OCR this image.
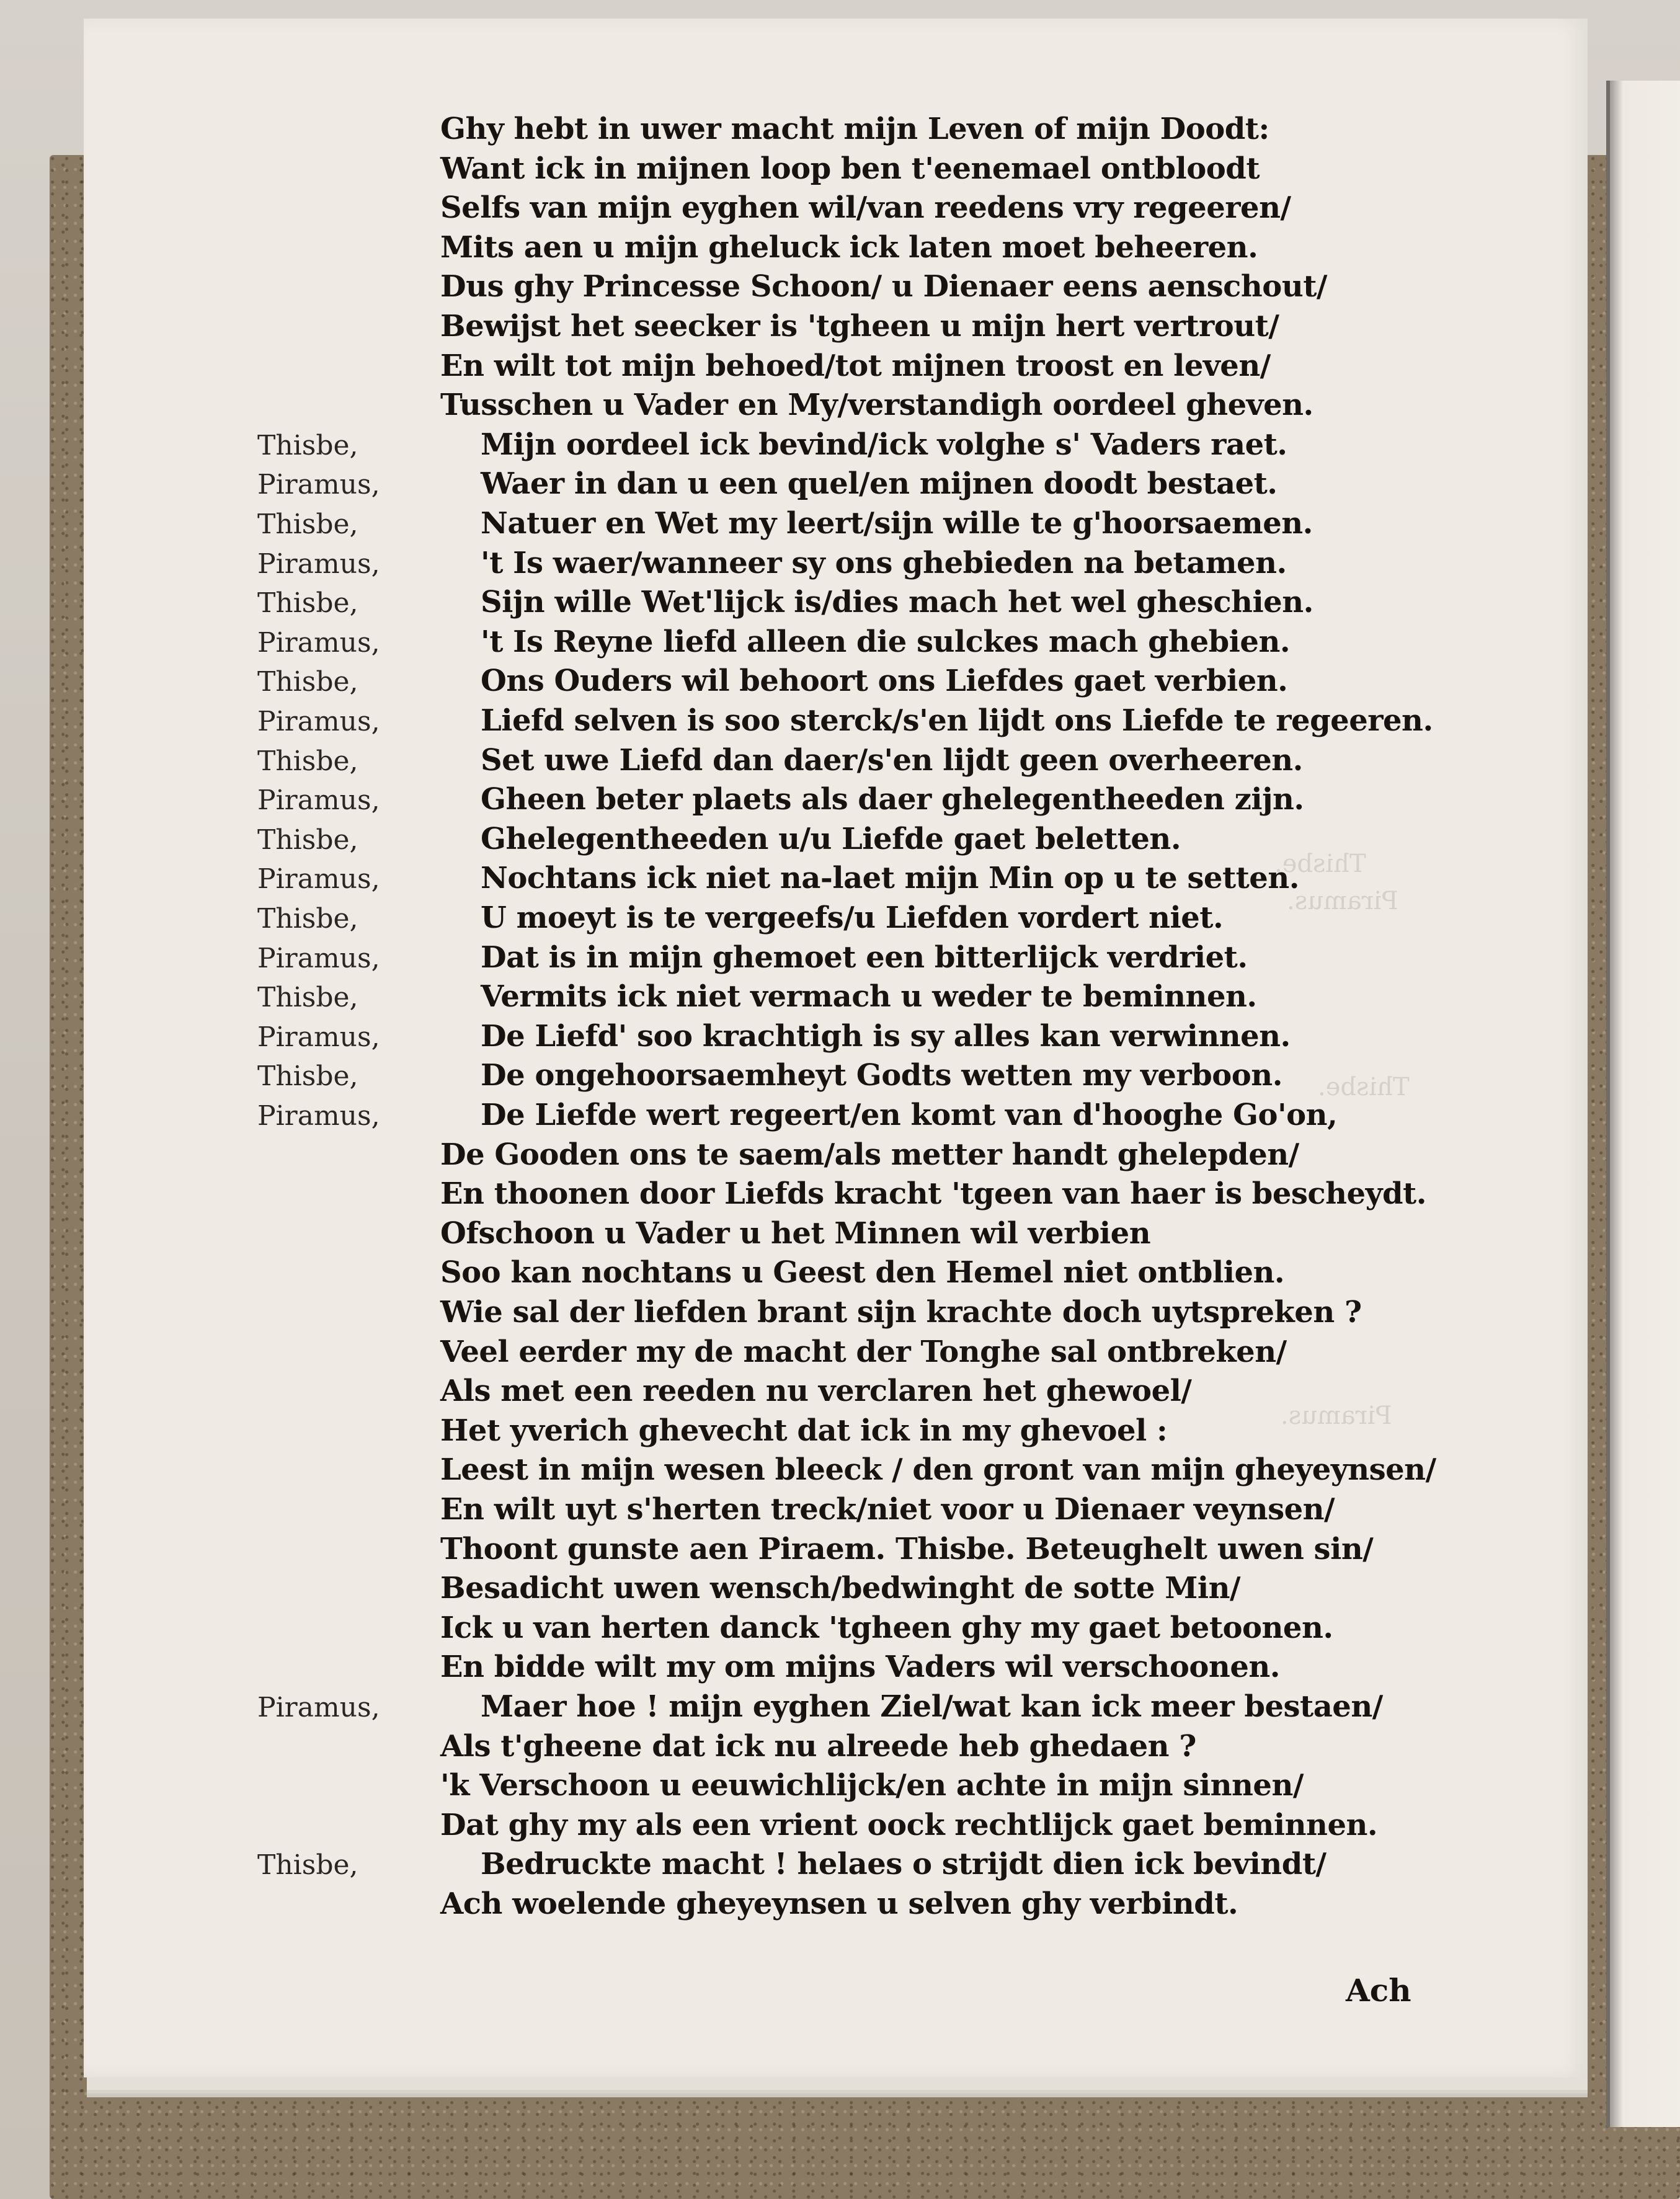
Thisbe.
Piramus.
Thisbe.
Piramus.
Ghy hebt in uwer macht mijn Leven of mijn Doodt:
Want ick in mijnen loop ben t'eenemael ontbloodt
Selfs van mijn eyghen wil/van reedens vry regeeren/
Mits aen u mijn gheluck ick laten moet beheeren.
Dus ghy Princesse Schoon/ u Dienaer eens aenschout/
Bewijst het seecker is 'tgheen u mijn hert vertrout/
En wilt tot mijn behoed/tot mijnen troost en leven/
Tusschen u Vader en My/verstandigh oordeel gheven.
Thisbe,	Mijn oordeel ick bevind/ick volghe s' Vaders raet.
Piramus,	Waer in dan u een quel/en mijnen doodt bestaet.
Thisbe,	Natuer en Wet my leert/sijn wille te g'hoorsaemen.
Piramus,	't Is waer/wanneer sy ons ghebieden na betamen.
Thisbe,	Sijn wille Wet'lijck is/dies mach het wel gheschien.
Piramus,	't Is Reyne liefd alleen die sulckes mach ghebien.
Thisbe,	Ons Ouders wil behoort ons Liefdes gaet verbien.
Piramus,	Liefd selven is soo sterck/s'en lijdt ons Liefde te regeeren.
Thisbe,	Set uwe Liefd dan daer/s'en lijdt geen overheeren.
Piramus,	Gheen beter plaets als daer ghelegentheeden zijn.
Thisbe,	Ghelegentheeden u/u Liefde gaet beletten.
Piramus,	Nochtans ick niet na-laet mijn Min op u te setten.
Thisbe,	U moeyt is te vergeefs/u Liefden vordert niet.
Piramus,	Dat is in mijn ghemoet een bitterlijck verdriet.
Thisbe,	Vermits ick niet vermach u weder te beminnen.
Piramus,	De Liefd' soo krachtigh is sy alles kan verwinnen.
Thisbe,	De ongehoorsaemheyt Godts wetten my verboon.
Piramus,	De Liefde wert regeert/en komt van d'hooghe Go'on,
De Gooden ons te saem/als metter handt ghelepden/
En thoonen door Liefds kracht 'tgeen van haer is bescheydt.
Ofschoon u Vader u het Minnen wil verbien
Soo kan nochtans u Geest den Hemel niet ontblien.
Wie sal der liefden brant sijn krachte doch uytspreken ?
Veel eerder my de macht der Tonghe sal ontbreken/
Als met een reeden nu verclaren het ghewoel/
Het yverich ghevecht dat ick in my ghevoel :
Leest in mijn wesen bleeck / den gront van mijn gheyeynsen/
En wilt uyt s'herten treck/niet voor u Dienaer veynsen/
Thoont gunste aen Piraem. Thisbe. Beteughelt uwen sin/
Besadicht uwen wensch/bedwinght de sotte Min/
Ick u van herten danck 'tgheen ghy my gaet betoonen.
En bidde wilt my om mijns Vaders wil verschoonen.
Piramus,	Maer hoe ! mijn eyghen Ziel/wat kan ick meer bestaen/
Als t'gheene dat ick nu alreede heb ghedaen ?
'k Verschoon u eeuwichlijck/en achte in mijn sinnen/
Dat ghy my als een vrient oock rechtlijck gaet beminnen.
Thisbe,	Bedruckte macht ! helaes o strijdt dien ick bevindt/
Ach woelende gheyeynsen u selven ghy verbindt.
Ach
